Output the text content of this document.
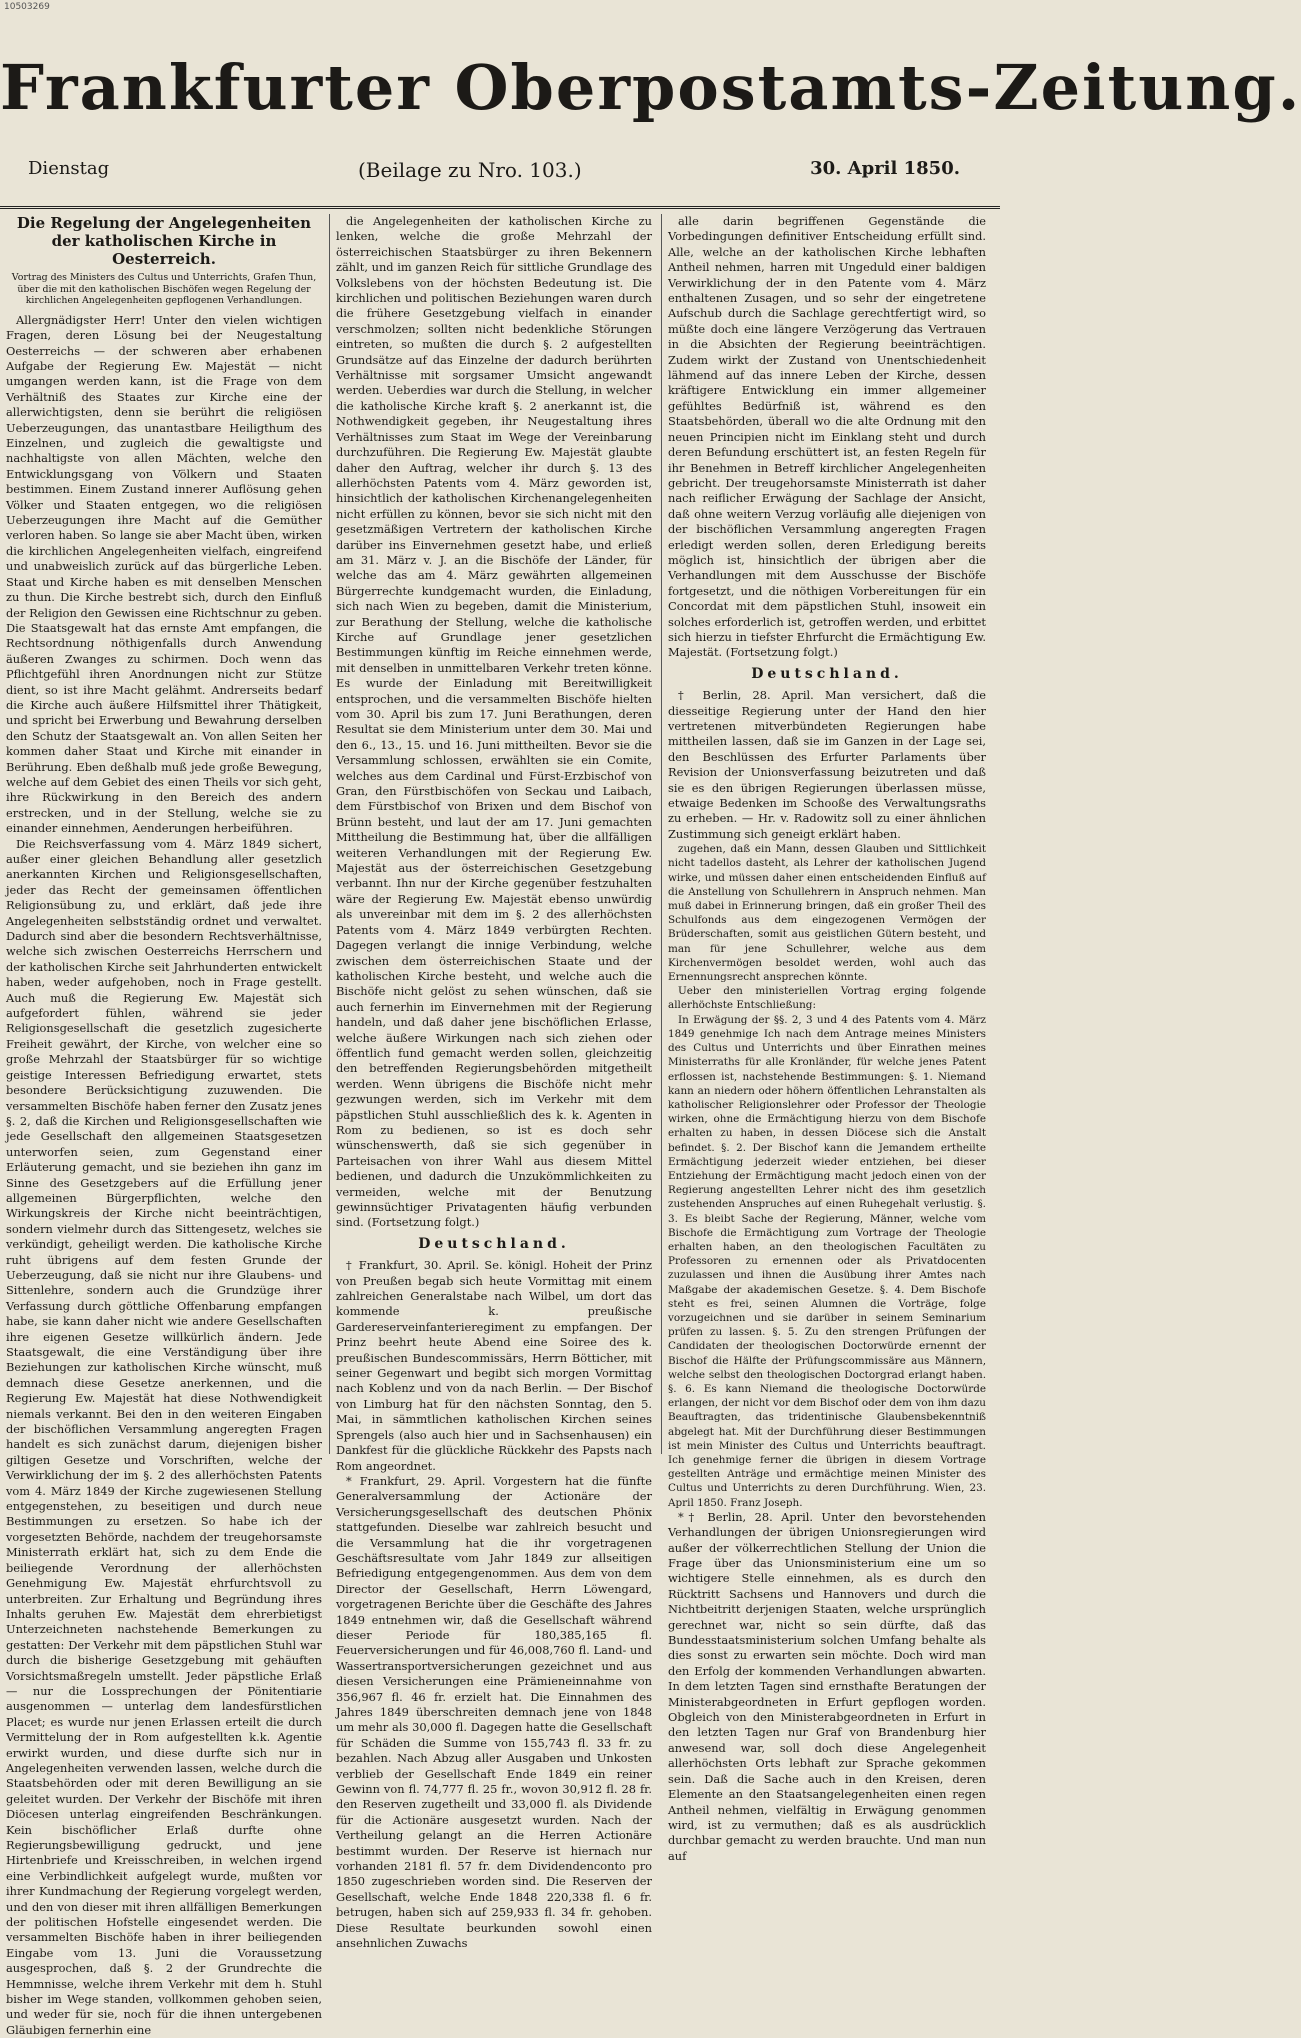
10503269
Frankfurter Oberpostamts-Zeitung.
Dienstag	(Beilage zu Nro. 103.)	30. April 1850.
Die Regelung der Angelegenheiten der katholischen Kirche in Oesterreich.
Vortrag des Ministers des Cultus und Unterrichts, Grafen Thun, über die mit den katholischen Bischöfen wegen Regelung der kirchlichen Angelegenheiten gepflogenen Verhandlungen.

Allergnädigster Herr! Unter den vielen wichtigen Fragen, deren Lösung bei der Neugestaltung Oesterreichs — der schweren aber erhabenen Aufgabe der Regierung Ew. Majestät — nicht umgangen werden kann, ist die Frage von dem Verhältniß des Staates zur Kirche eine der allerwichtigsten, denn sie berührt die religiösen Ueberzeugungen, das unantastbare Heiligthum des Einzelnen, und zugleich die gewaltigste und nachhaltigste von allen Mächten, welche den Entwicklungsgang von Völkern und Staaten bestimmen. Einem Zustand innerer Auflösung gehen Völker und Staaten entgegen, wo die religiösen Ueberzeugungen ihre Macht auf die Gemüther verloren haben. So lange sie aber Macht üben, wirken die kirchlichen Angelegenheiten vielfach, eingreifend und unabweislich zurück auf das bürgerliche Leben. Staat und Kirche haben es mit denselben Menschen zu thun. Die Kirche bestrebt sich, durch den Einfluß der Religion den Gewissen eine Richtschnur zu geben. Die Staatsgewalt hat das ernste Amt empfangen, die Rechtsordnung nöthigenfalls durch Anwendung äußeren Zwanges zu schirmen. Doch wenn das Pflichtgefühl ihren Anordnungen nicht zur Stütze dient, so ist ihre Macht gelähmt. Andrerseits bedarf die Kirche auch äußere Hilfsmittel ihrer Thätigkeit, und spricht bei Erwerbung und Bewahrung derselben den Schutz der Staatsgewalt an. Von allen Seiten her kommen daher Staat und Kirche mit einander in Berührung. Eben deßhalb muß jede große Bewegung, welche auf dem Gebiet des einen Theils vor sich geht, ihre Rückwirkung in den Bereich des andern erstrecken, und in der Stellung, welche sie zu einander einnehmen, Aenderungen herbeiführen.

Die Reichsverfassung vom 4. März 1849 sichert, außer einer gleichen Behandlung aller gesetzlich anerkannten Kirchen und Religionsgesellschaften, jeder das Recht der gemeinsamen öffentlichen Religionsübung zu, und erklärt, daß jede ihre Angelegenheiten selbstständig ordnet und verwaltet. Dadurch sind aber die besondern Rechtsverhältnisse, welche sich zwischen Oesterreichs Herrschern und der katholischen Kirche seit Jahrhunderten entwickelt haben, weder aufgehoben, noch in Frage gestellt. Auch muß die Regierung Ew. Majestät sich aufgefordert fühlen, während sie jeder Religionsgesellschaft die gesetzlich zugesicherte Freiheit gewährt, der Kirche, von welcher eine so große Mehrzahl der Staatsbürger für so wichtige geistige Interessen Befriedigung erwartet, stets besondere Berücksichtigung zuzuwenden. Die versammelten Bischöfe haben ferner den Zusatz jenes §. 2, daß die Kirchen und Religionsgesellschaften wie jede Gesellschaft den allgemeinen Staatsgesetzen unterworfen seien, zum Gegenstand einer Erläuterung gemacht, und sie beziehen ihn ganz im Sinne des Gesetzgebers auf die Erfüllung jener allgemeinen Bürgerpflichten, welche den Wirkungskreis der Kirche nicht beeinträchtigen, sondern vielmehr durch das Sittengesetz, welches sie verkündigt, geheiligt werden. Die katholische Kirche ruht übrigens auf dem festen Grunde der Ueberzeugung, daß sie nicht nur ihre Glaubens- und Sittenlehre, sondern auch die Grundzüge ihrer Verfassung durch göttliche Offenbarung empfangen habe, sie kann daher nicht wie andere Gesellschaften ihre eigenen Gesetze willkürlich ändern. Jede Staatsgewalt, die eine Verständigung über ihre Beziehungen zur katholischen Kirche wünscht, muß demnach diese Gesetze anerkennen, und die Regierung Ew. Majestät hat diese Nothwendigkeit niemals verkannt. Bei den in den weiteren Eingaben der bischöflichen Versammlung angeregten Fragen handelt es sich zunächst darum, diejenigen bisher giltigen Gesetze und Vorschriften, welche der Verwirklichung der im §. 2 des allerhöchsten Patents vom 4. März 1849 der Kirche zugewiesenen Stellung entgegenstehen, zu beseitigen und durch neue Bestimmungen zu ersetzen. So habe ich der vorgesetzten Behörde, nachdem der treugehorsamste Ministerrath erklärt hat, sich zu dem Ende die beiliegende Verordnung der allerhöchsten Genehmigung Ew. Majestät ehrfurchtsvoll zu unterbreiten. Zur Erhaltung und Begründung ihres Inhalts geruhen Ew. Majestät dem ehrerbietigst Unterzeichneten nachstehende Bemerkungen zu gestatten: Der Verkehr mit dem päpstlichen Stuhl war durch die bisherige Gesetzgebung mit gehäuften Vorsichtsmaßregeln umstellt. Jeder päpstliche Erlaß — nur die Lossprechungen der Pönitentiarie ausgenommen — unterlag dem landesfürstlichen Placet; es wurde nur jenen Erlassen erteilt die durch Vermittelung der in Rom aufgestellten k.k. Agentie erwirkt wurden, und diese durfte sich nur in Angelegenheiten verwenden lassen, welche durch die Staatsbehörden oder mit deren Bewilligung an sie geleitet wurden. Der Verkehr der Bischöfe mit ihren Diöcesen unterlag eingreifenden Beschränkungen. Kein bischöflicher Erlaß durfte ohne Regierungsbewilligung gedruckt, und jene Hirtenbriefe und Kreisschreiben, in welchen irgend eine Verbindlichkeit aufgelegt wurde, mußten vor ihrer Kundmachung der Regierung vorgelegt werden, und den von dieser mit ihren allfälligen Bemerkungen der politischen Hofstelle eingesendet werden. Die versammelten Bischöfe haben in ihrer beiliegenden Eingabe vom 13. Juni die Voraussetzung ausgesprochen, daß §. 2 der Grundrechte die Hemmnisse, welche ihrem Verkehr mit dem h. Stuhl bisher im Wege standen, vollkommen gehoben seien, und weder für sie, noch für die ihnen untergebenen Gläubigen fernerhin eine

die Angelegenheiten der katholischen Kirche zu lenken, welche die große Mehrzahl der österreichischen Staatsbürger zu ihren Bekennern zählt, und im ganzen Reich für sittliche Grundlage des Volkslebens von der höchsten Bedeutung ist. Die kirchlichen und politischen Beziehungen waren durch die frühere Gesetzgebung vielfach in einander verschmolzen; sollten nicht bedenkliche Störungen eintreten, so mußten die durch §. 2 aufgestellten Grundsätze auf das Einzelne der dadurch berührten Verhältnisse mit sorgsamer Umsicht angewandt werden. Ueberdies war durch die Stellung, in welcher die katholische Kirche kraft §. 2 anerkannt ist, die Nothwendigkeit gegeben, ihr Neugestaltung ihres Verhältnisses zum Staat im Wege der Vereinbarung durchzuführen. Die Regierung Ew. Majestät glaubte daher den Auftrag, welcher ihr durch §. 13 des allerhöchsten Patents vom 4. März geworden ist, hinsichtlich der katholischen Kirchenangelegenheiten nicht erfüllen zu können, bevor sie sich nicht mit den gesetzmäßigen Vertretern der katholischen Kirche darüber ins Einvernehmen gesetzt habe, und erließ am 31. März v. J. an die Bischöfe der Länder, für welche das am 4. März gewährten allgemeinen Bürgerrechte kundgemacht wurden, die Einladung, sich nach Wien zu begeben, damit die Ministerium, zur Berathung der Stellung, welche die katholische Kirche auf Grundlage jener gesetzlichen Bestimmungen künftig im Reiche einnehmen werde, mit denselben in unmittelbaren Verkehr treten könne. Es wurde der Einladung mit Bereitwilligkeit entsprochen, und die versammelten Bischöfe hielten vom 30. April bis zum 17. Juni Berathungen, deren Resultat sie dem Ministerium unter dem 30. Mai und den 6., 13., 15. und 16. Juni mittheilten. Bevor sie die Versammlung schlossen, erwählten sie ein Comite, welches aus dem Cardinal und Fürst-Erzbischof von Gran, den Fürstbischöfen von Seckau und Laibach, dem Fürstbischof von Brixen und dem Bischof von Brünn besteht, und laut der am 17. Juni gemachten Mittheilung die Bestimmung hat, über die allfälligen weiteren Verhandlungen mit der Regierung Ew. Majestät aus der österreichischen Gesetzgebung verbannt. Ihn nur der Kirche gegenüber festzuhalten wäre der Regierung Ew. Majestät ebenso unwürdig als unvereinbar mit dem im §. 2 des allerhöchsten Patents vom 4. März 1849 verbürgten Rechten. Dagegen verlangt die innige Verbindung, welche zwischen dem österreichischen Staate und der katholischen Kirche besteht, und welche auch die Bischöfe nicht gelöst zu sehen wünschen, daß sie auch fernerhin im Einvernehmen mit der Regierung handeln, und daß daher jene bischöflichen Erlasse, welche äußere Wirkungen nach sich ziehen oder öffentlich fund gemacht werden sollen, gleichzeitig den betreffenden Regierungsbehörden mitgetheilt werden. Wenn übrigens die Bischöfe nicht mehr gezwungen werden, sich im Verkehr mit dem päpstlichen Stuhl ausschließlich des k. k. Agenten in Rom zu bedienen, so ist es doch sehr wünschenswerth, daß sie sich gegenüber in Parteisachen von ihrer Wahl aus diesem Mittel bedienen, und dadurch die Unzukömmlichkeiten zu vermeiden, welche mit der Benutzung gewinnsüchtiger Privatagenten häufig verbunden sind. (Fortsetzung folgt.)

Deutschland.

† Frankfurt, 30. April. Se. königl. Hoheit der Prinz von Preußen begab sich heute Vormittag mit einem zahlreichen Generalstabe nach Wilbel, um dort das kommende k. preußische Gardereserveinfanterieregiment zu empfangen. Der Prinz beehrt heute Abend eine Soiree des k. preußischen Bundescommissärs, Herrn Bötticher, mit seiner Gegenwart und begibt sich morgen Vormittag nach Koblenz und von da nach Berlin. — Der Bischof von Limburg hat für den nächsten Sonntag, den 5. Mai, in sämmtlichen katholischen Kirchen seines Sprengels (also auch hier und in Sachsenhausen) ein Dankfest für die glückliche Rückkehr des Papsts nach Rom angeordnet.

* Frankfurt, 29. April. Vorgestern hat die fünfte Generalversammlung der Actionäre der Versicherungsgesellschaft des deutschen Phönix stattgefunden. Dieselbe war zahlreich besucht und die Versammlung hat die ihr vorgetragenen Geschäftsresultate vom Jahr 1849 zur allseitigen Befriedigung entgegengenommen. Aus dem von dem Director der Gesellschaft, Herrn Löwengard, vorgetragenen Berichte über die Geschäfte des Jahres 1849 entnehmen wir, daß die Gesellschaft während dieser Periode für 180,385,165 fl. Feuerversicherungen und für 46,008,760 fl. Land- und Wassertransportversicherungen gezeichnet und aus diesen Versicherungen eine Prämieneinnahme von 356,967 fl. 46 fr. erzielt hat. Die Einnahmen des Jahres 1849 überschreiten demnach jene von 1848 um mehr als 30,000 fl. Dagegen hatte die Gesellschaft für Schäden die Summe von 155,743 fl. 33 fr. zu bezahlen. Nach Abzug aller Ausgaben und Unkosten verblieb der Gesellschaft Ende 1849 ein reiner Gewinn von fl. 74,777 fl. 25 fr., wovon 30,912 fl. 28 fr. den Reserven zugetheilt und 33,000 fl. als Dividende für die Actionäre ausgesetzt wurden. Nach der Vertheilung gelangt an die Herren Actionäre bestimmt wurden. Der Reserve ist hiernach nur vorhanden 2181 fl. 57 fr. dem Dividendenconto pro 1850 zugeschrieben worden sind. Die Reserven der Gesellschaft, welche Ende 1848 220,338 fl. 6 fr. betrugen, haben sich auf 259,933 fl. 34 fr. gehoben. Diese Resultate beurkunden sowohl einen ansehnlichen Zuwachs

alle darin begriffenen Gegenstände die Vorbedingungen definitiver Entscheidung erfüllt sind. Alle, welche an der katholischen Kirche lebhaften Antheil nehmen, harren mit Ungeduld einer baldigen Verwirklichung der in den Patente vom 4. März enthaltenen Zusagen, und so sehr der eingetretene Aufschub durch die Sachlage gerechtfertigt wird, so müßte doch eine längere Verzögerung das Vertrauen in die Absichten der Regierung beeinträchtigen. Zudem wirkt der Zustand von Unentschiedenheit lähmend auf das innere Leben der Kirche, dessen kräftigere Entwicklung ein immer allgemeiner gefühltes Bedürfniß ist, während es den Staatsbehörden, überall wo die alte Ordnung mit den neuen Principien nicht im Einklang steht und durch deren Befundung erschüttert ist, an festen Regeln für ihr Benehmen in Betreff kirchlicher Angelegenheiten gebricht. Der treugehorsamste Ministerrath ist daher nach reiflicher Erwägung der Sachlage der Ansicht, daß ohne weitern Verzug vorläufig alle diejenigen von der bischöflichen Versammlung angeregten Fragen erledigt werden sollen, deren Erledigung bereits möglich ist, hinsichtlich der übrigen aber die Verhandlungen mit dem Ausschusse der Bischöfe fortgesetzt, und die nöthigen Vorbereitungen für ein Concordat mit dem päpstlichen Stuhl, insoweit ein solches erforderlich ist, getroffen werden, und erbittet sich hierzu in tiefster Ehrfurcht die Ermächtigung Ew. Majestät. (Fortsetzung folgt.)

Deutschland.

† Berlin, 28. April. Man versichert, daß die diesseitige Regierung unter der Hand den hier vertretenen mitverbündeten Regierungen habe mittheilen lassen, daß sie im Ganzen in der Lage sei, den Beschlüssen des Erfurter Parlaments über Revision der Unionsverfassung beizutreten und daß sie es den übrigen Regierungen überlassen müsse, etwaige Bedenken im Schooße des Verwaltungsraths zu erheben. — Hr. v. Radowitz soll zu einer ähnlichen Zustimmung sich geneigt erklärt haben.

zugehen, daß ein Mann, dessen Glauben und Sittlichkeit nicht tadellos dasteht, als Lehrer der katholischen Jugend wirke, und müssen daher einen entscheidenden Einfluß auf die Anstellung von Schullehrern in Anspruch nehmen. Man muß dabei in Erinnerung bringen, daß ein großer Theil des Schulfonds aus dem eingezogenen Vermögen der Brüderschaften, somit aus geistlichen Gütern besteht, und man für jene Schullehrer, welche aus dem Kirchenvermögen besoldet werden, wohl auch das Ernennungsrecht ansprechen könnte.

Ueber den ministeriellen Vortrag erging folgende allerhöchste Entschließung:

In Erwägung der §§. 2, 3 und 4 des Patents vom 4. März 1849 genehmige Ich nach dem Antrage meines Ministers des Cultus und Unterrichts und über Einrathen meines Ministerraths für alle Kronländer, für welche jenes Patent erflossen ist, nachstehende Bestimmungen: §. 1. Niemand kann an niedern oder höhern öffentlichen Lehranstalten als katholischer Religionslehrer oder Professor der Theologie wirken, ohne die Ermächtigung hierzu von dem Bischofe erhalten zu haben, in dessen Diöcese sich die Anstalt befindet. §. 2. Der Bischof kann die Jemandem ertheilte Ermächtigung jederzeit wieder entziehen, bei dieser Entziehung der Ermächtigung macht jedoch einen von der Regierung angestellten Lehrer nicht des ihm gesetzlich zustehenden Anspruches auf einen Ruhegehalt verlustig. §. 3. Es bleibt Sache der Regierung, Männer, welche vom Bischofe die Ermächtigung zum Vortrage der Theologie erhalten haben, an den theologischen Facultäten zu Professoren zu ernennen oder als Privatdocenten zuzulassen und ihnen die Ausübung ihrer Amtes nach Maßgabe der akademischen Gesetze. §. 4. Dem Bischofe steht es frei, seinen Alumnen die Vorträge, folge vorzugeichnen und sie darüber in seinem Seminarium prüfen zu lassen. §. 5. Zu den strengen Prüfungen der Candidaten der theologischen Doctorwürde ernennt der Bischof die Hälfte der Prüfungscommissäre aus Männern, welche selbst den theologischen Doctorgrad erlangt haben. §. 6. Es kann Niemand die theologische Doctorwürde erlangen, der nicht vor dem Bischof oder dem von ihm dazu Beauftragten, das tridentinische Glaubensbekenntniß abgelegt hat. Mit der Durchführung dieser Bestimmungen ist mein Minister des Cultus und Unterrichts beauftragt. Ich genehmige ferner die übrigen in diesem Vortrage gestellten Anträge und ermächtige meinen Minister des Cultus und Unterrichts zu deren Durchführung. Wien, 23. April 1850. Franz Joseph.

*† Berlin, 28. April. Unter den bevorstehenden Verhandlungen der übrigen Unionsregierungen wird außer der völkerrechtlichen Stellung der Union die Frage über das Unionsministerium eine um so wichtigere Stelle einnehmen, als es durch den Rücktritt Sachsens und Hannovers und durch die Nichtbeitritt derjenigen Staaten, welche ursprünglich gerechnet war, nicht so sein dürfte, daß das Bundesstaatsministerium solchen Umfang behalte als dies sonst zu erwarten sein möchte. Doch wird man den Erfolg der kommenden Verhandlungen abwarten. In dem letzten Tagen sind ernsthafte Beratungen der Ministerabgeordneten in Erfurt gepflogen worden. Obgleich von den Ministerabgeordneten in Erfurt in den letzten Tagen nur Graf von Brandenburg hier anwesend war, soll doch diese Angelegenheit allerhöchsten Orts lebhaft zur Sprache gekommen sein. Daß die Sache auch in den Kreisen, deren Elemente an den Staatsangelegenheiten einen regen Antheil nehmen, vielfältig in Erwägung genommen wird, ist zu vermuthen; daß es als ausdrücklich durchbar gemacht zu werden brauchte. Und man nun auf
